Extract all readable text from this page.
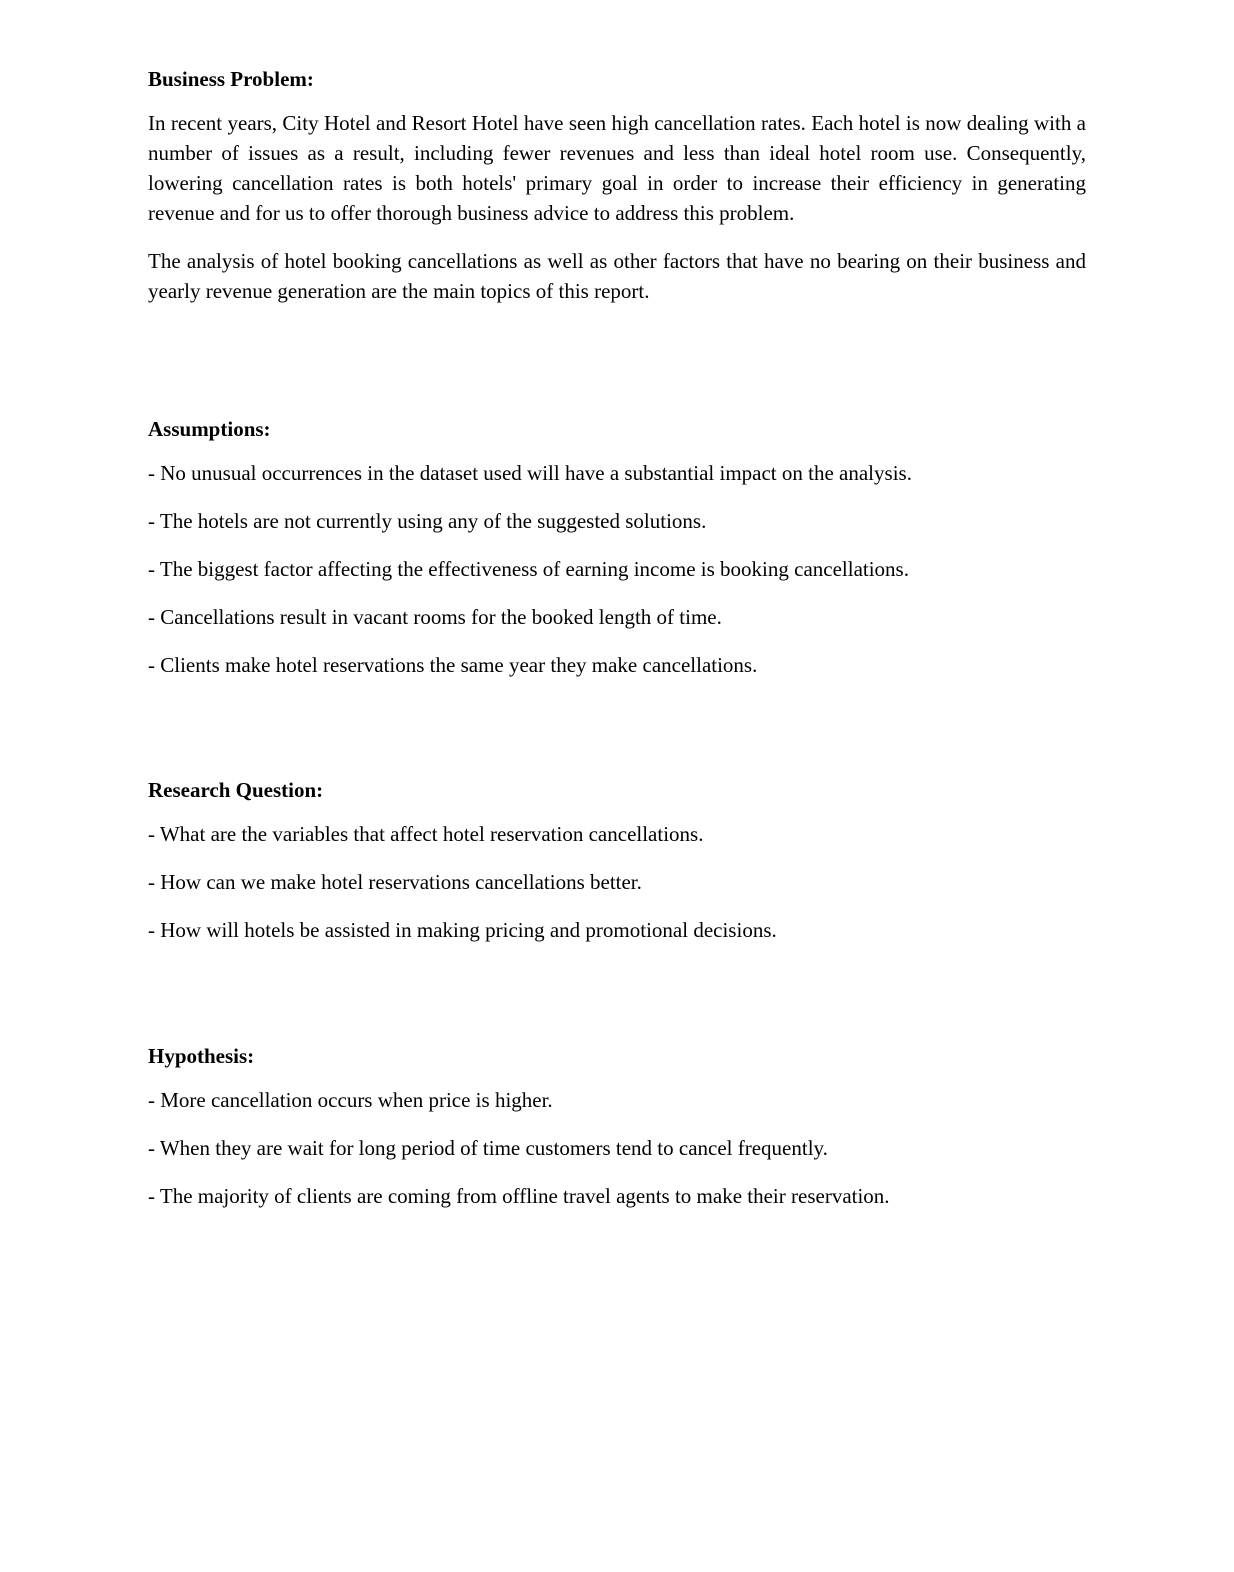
Business Problem:

In recent years, City Hotel and Resort Hotel have seen high cancellation rates. Each hotel is now dealing with a number of issues as a result, including fewer revenues and less than ideal hotel room use. Consequently, lowering cancellation rates is both hotels' primary goal in order to increase their efficiency in generating revenue and for us to offer thorough business advice to address this problem.

The analysis of hotel booking cancellations as well as other factors that have no bearing on their business and yearly revenue generation are the main topics of this report.

Assumptions:

- No unusual occurrences in the dataset used will have a substantial impact on the analysis.

- The hotels are not currently using any of the suggested solutions.

- The biggest factor affecting the effectiveness of earning income is booking cancellations.

- Cancellations result in vacant rooms for the booked length of time.

- Clients make hotel reservations the same year they make cancellations.

Research Question:

- What are the variables that affect hotel reservation cancellations.

- How can we make hotel reservations cancellations better.

- How will hotels be assisted in making pricing and promotional decisions.

Hypothesis:

- More cancellation occurs when price is higher.

- When they are wait for long period of time customers tend to cancel frequently.

- The majority of clients are coming from offline travel agents to make their reservation.
